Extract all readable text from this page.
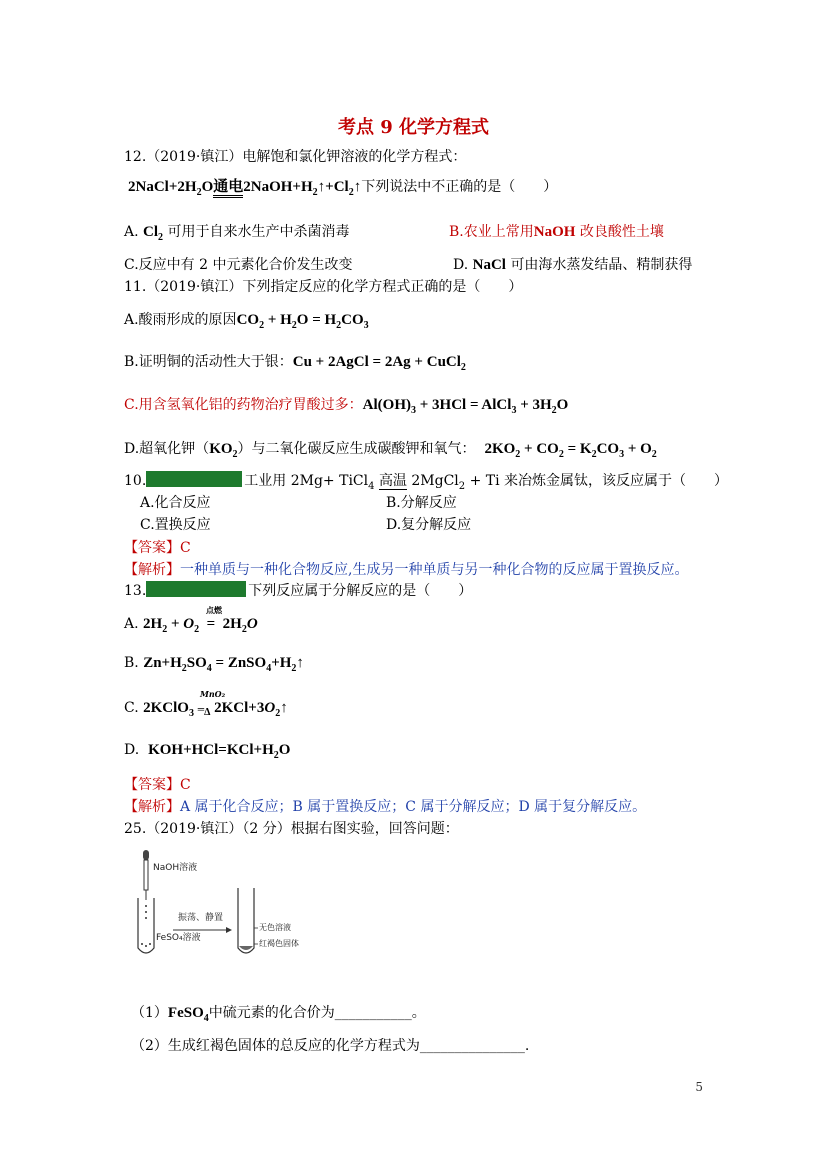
考点 9 化学方程式
12.（2019·镇江）电解饱和氯化钾溶液的化学方程式：
$2NaCl+2H_2O$通电$2NaOH+H_2↑+Cl_2↑$下列说法中不正确的是（　　）
A. $Cl_2$ 可用于自来水生产中杀菌消毒	B.农业上常用NaOH 改良酸性土壤
C.反应中有 2 中元素化合价发生改变	D. NaCl 可由海水蒸发结晶、精制获得
11.（2019·镇江）下列指定反应的化学方程式正确的是（　　）
A.酸雨形成的原因$CO_2 + H_2O = H_2CO_3$
B.证明铜的活动性大于银：Cu + 2AgCl = 2Ag + CuCl$_2$
C.用含氢氧化铝的药物治疗胃酸过多：$Al(OH)_3 + 3HCl$ = AlCl$_3$ + $3H_2O$
D.超氧化钾$(KO_2)$与二氧化碳反应生成碳酸钾和氧气： $2KO_2 + CO_2 = K_2CO_3 + O_2$
10.	工业用 2Mg+ TiCl$_4$ 高温 2MgCl$_2$ + Ti 来冶炼金属钛，该反应属于（　　）
A.化合反应	B.分解反应
C.置换反应	D.复分解反应
【答案】C
【解析】一种单质与一种化合物反应,生成另一种单质与另一种化合物的反应属于置换反应。
13.	下列反应属于分解反应的是（　　）
点燃
A. $2H_2 + O_2 = 2H_2O$
B. $Zn+H_2SO_4$ = $ZnSO_4+H_2↑$
MnO₂
C. 2KClO$_3$ $═_\Delta$ $2KCl+3O_2↑$
D. $KOH+HCl=KCl+H_2O$
【答案】C
【解析】A 属于化合反应；B 属于置换反应；C 属于分解反应；D 属于复分解反应。
25.（2019·镇江）（2 分）根据右图实验，回答问题：
NaOH溶液
FeSO₄溶液
振荡、静置
无色溶液
红褐色固体
（1）FeSO$_4$中硫元素的化合价为___________。
（2）生成红褐色固体的总反应的化学方程式为_______________.
5
